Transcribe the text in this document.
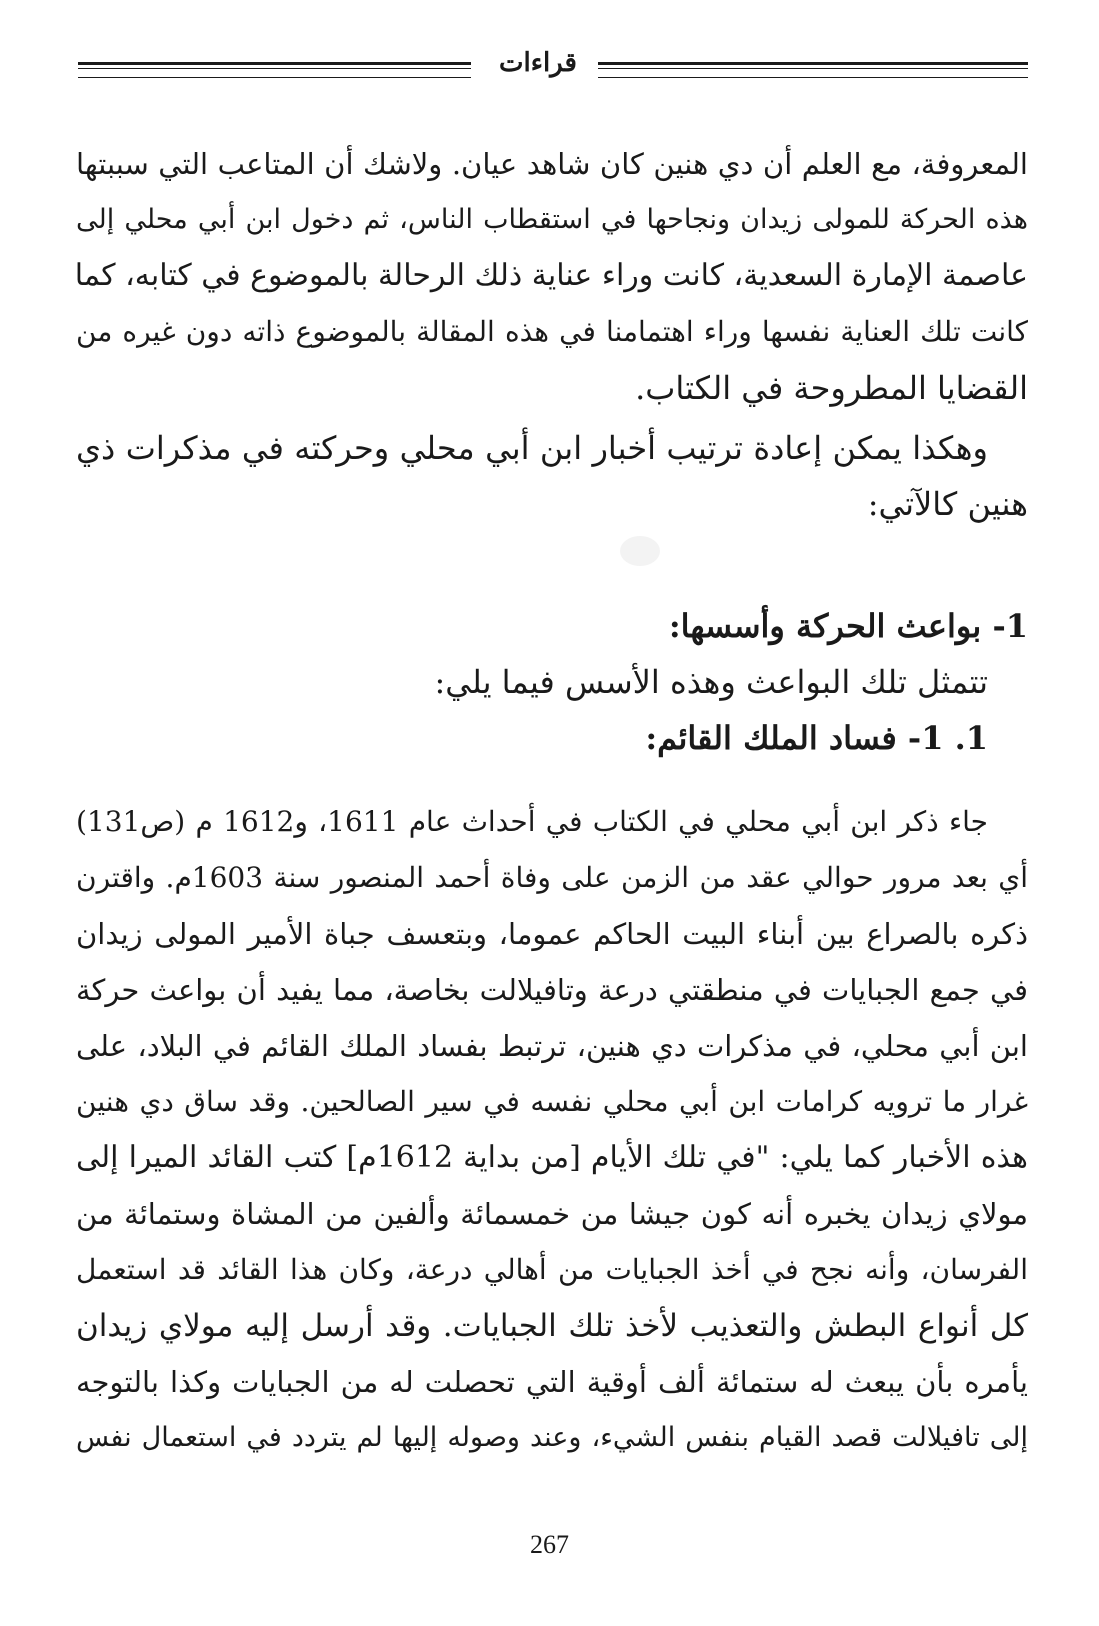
قراءات
المعروفة، مع العلم أن دي هنين كان شاهد عيان. ولاشك أن المتاعب التي سببتها
هذه الحركة للمولى زيدان ونجاحها في استقطاب الناس، ثم دخول ابن أبي محلي إلى
عاصمة الإمارة السعدية، كانت وراء عناية ذلك الرحالة بالموضوع في كتابه، كما
كانت تلك العناية نفسها وراء اهتمامنا في هذه المقالة بالموضوع ذاته دون غيره من
القضايا المطروحة في الكتاب.
وهكذا يمكن إعادة ترتيب أخبار ابن أبي محلي وحركته في مذكرات ذي
هنين كالآتي:
1- بواعث الحركة وأسسها:
تتمثل تلك البواعث وهذه الأسس فيما يلي:
1. 1- فساد الملك القائم:
جاء ذكر ابن أبي محلي في الكتاب في أحداث عام 1611، و1612 م (ص131)
أي بعد مرور حوالي عقد من الزمن على وفاة أحمد المنصور سنة 1603م. واقترن
ذكره بالصراع بين أبناء البيت الحاكم عموما، وبتعسف جباة الأمير المولى زيدان
في جمع الجبايات في منطقتي درعة وتافيلالت بخاصة، مما يفيد أن بواعث حركة
ابن أبي محلي، في مذكرات دي هنين، ترتبط بفساد الملك القائم في البلاد، على
غرار ما ترويه كرامات ابن أبي محلي نفسه في سير الصالحين. وقد ساق دي هنين
هذه الأخبار كما يلي: "في تلك الأيام [من بداية 1612م] كتب القائد الميرا إلى
مولاي زيدان يخبره أنه كون جيشا من خمسمائة وألفين من المشاة وستمائة من
الفرسان، وأنه نجح في أخذ الجبايات من أهالي درعة، وكان هذا القائد قد استعمل
كل أنواع البطش والتعذيب لأخذ تلك الجبايات. وقد أرسل إليه مولاي زيدان
يأمره بأن يبعث له ستمائة ألف أوقية التي تحصلت له من الجبايات وكذا بالتوجه
إلى تافيلالت قصد القيام بنفس الشيء، وعند وصوله إليها لم يتردد في استعمال نفس
267
